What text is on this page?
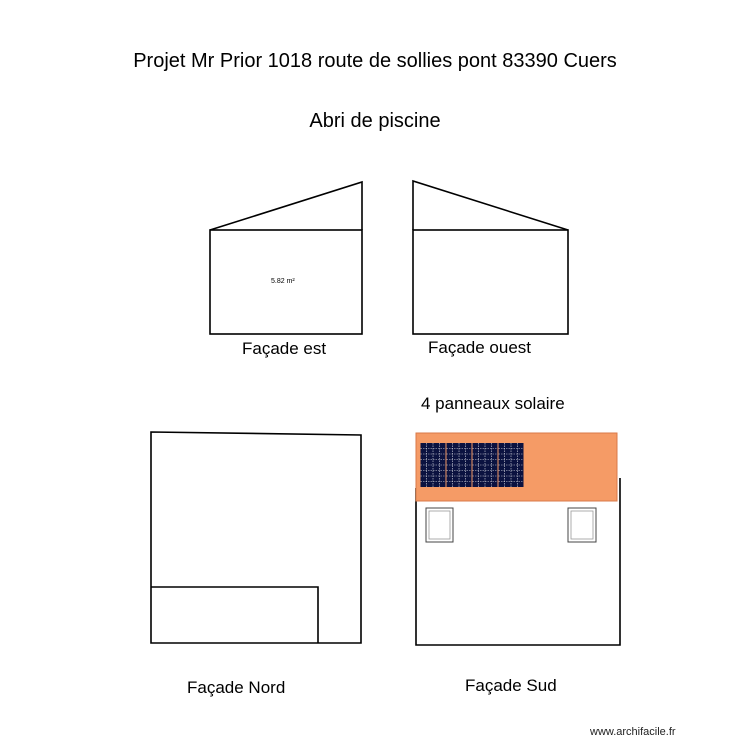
Projet Mr Prior 1018 route de sollies pont 83390 Cuers
Abri de piscine
5.82 m²
Façade est	Façade ouest
4 panneaux solaire
Façade Nord	Façade Sud
www.archifacile.fr
